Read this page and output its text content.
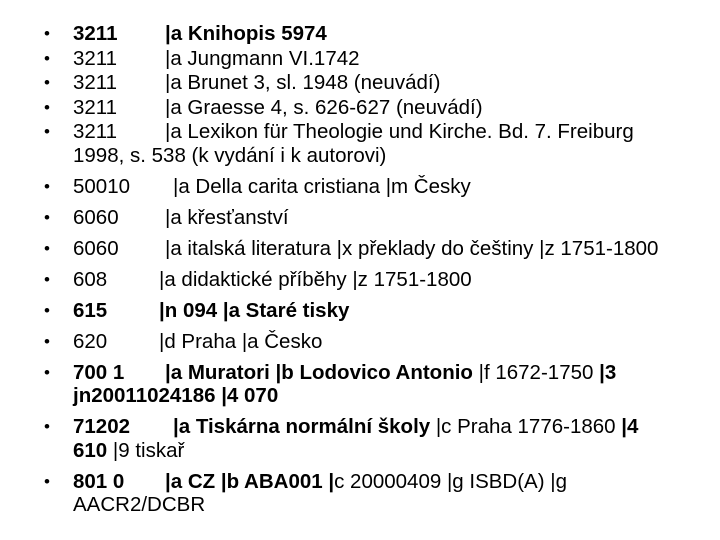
• 3211 |a Knihopis 5974
• 3211 |a Jungmann VI.1742
• 3211 |a Brunet 3, sl. 1948 (neuvádí)
• 3211 |a Graesse 4, s. 626-627 (neuvádí)
• 3211 |a Lexikon für Theologie und Kirche. Bd. 7. Freiburg 1998, s. 538 (k vydání i k autorovi)
• 50010 |a Della carita cristiana |m Česky
• 6060 |a křesťanství
• 6060 |a italská literatura |x překlady do češtiny |z 1751-1800
• 608	|a didaktické příběhy |z 1751-1800
• 615	|n 094 |a Staré tisky
• 620	|d Praha |a Česko
• 700 1 |a Muratori |b Lodovico Antonio |f 1672-1750 |3 jn20011024186 |4 070
• 71202 |a Tiskárna normální školy |c Praha 1776-1860 |4 610 |9 tiskař
• 801 0 |a CZ |b ABA001 |c 20000409 |g ISBD(A) |g AACR2/DCBR
